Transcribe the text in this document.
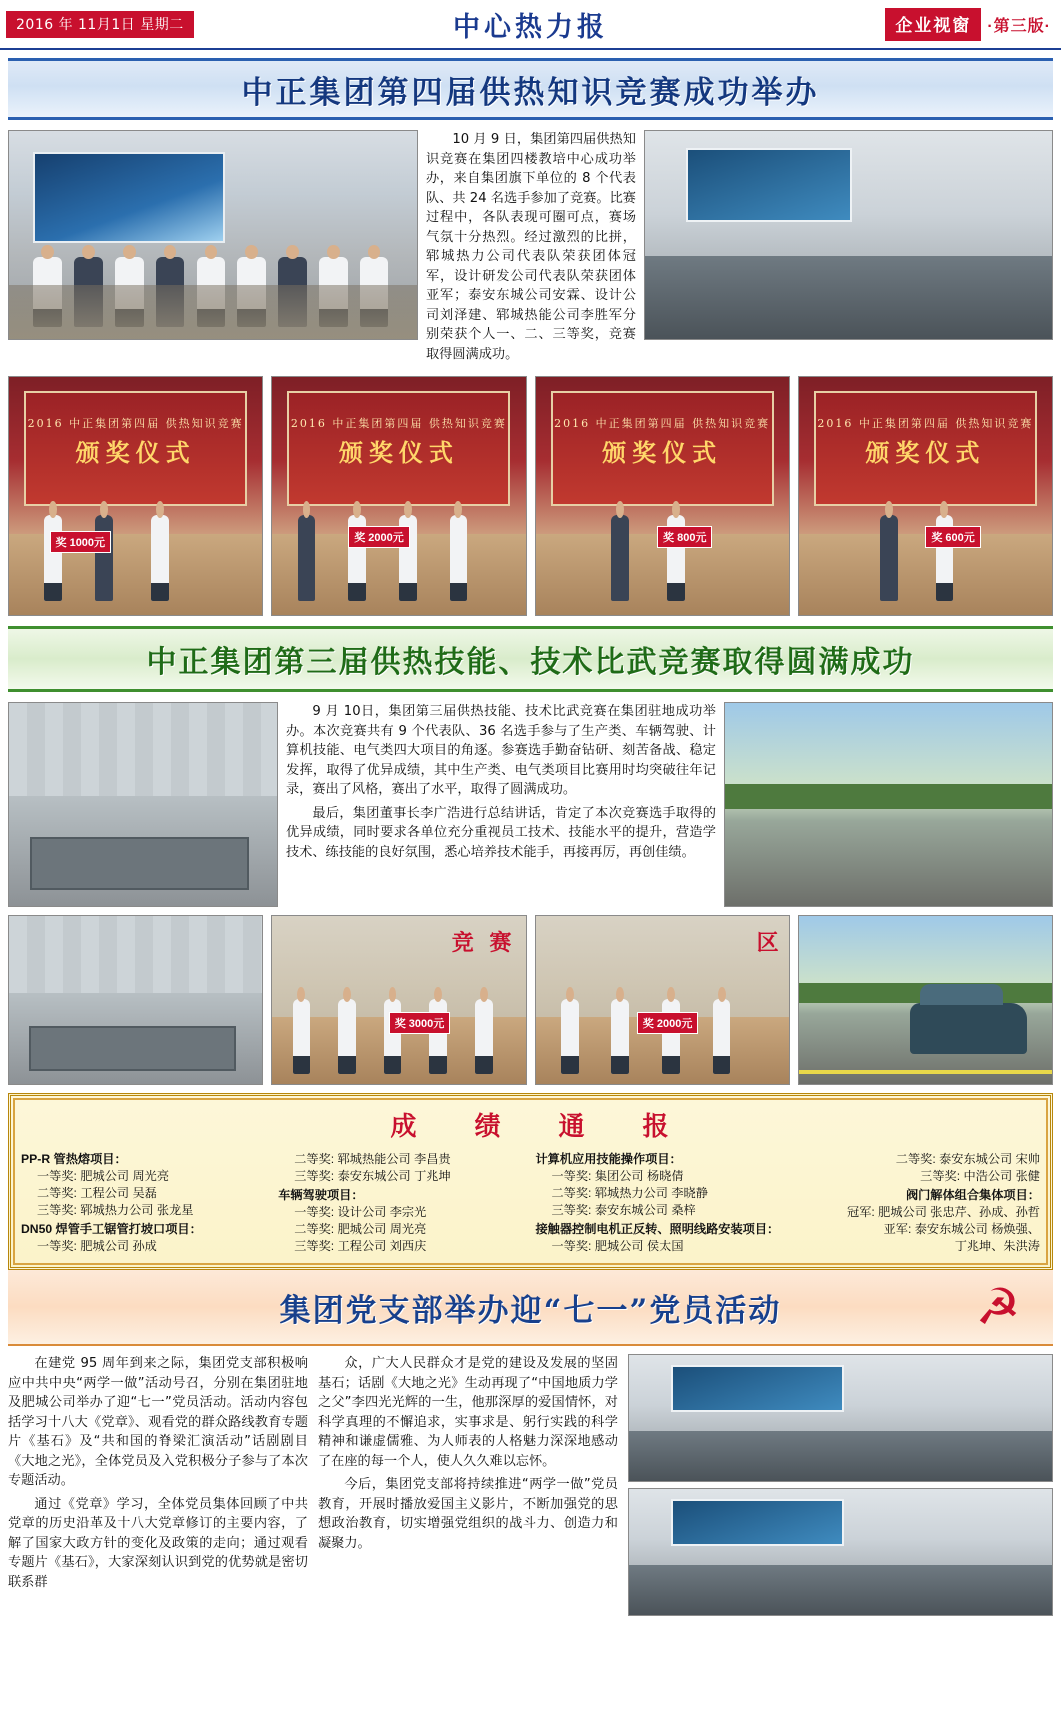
2016 年 11月1日 星期二	中心热力报	企业视窗	·第三版·
中正集团第四届供热知识竞赛成功举办

10 月 9 日，集团第四届供热知识竞赛在集团四楼教培中心成功举办，来自集团旗下单位的 8 个代表队、共 24 名选手参加了竞赛。比赛过程中，各队表现可圈可点，赛场气氛十分热烈。经过激烈的比拼，郓城热力公司代表队荣获团体冠军，设计研发公司代表队荣获团体亚军；泰安东城公司安霖、设计公司刘泽建、郓城热能公司李胜军分别荣获个人一、二、三等奖，竞赛取得圆满成功。

2016 中正集团第四届 供热知识竞赛
颁奖仪式
奖 1000元
2016 中正集团第四届 供热知识竞赛
颁奖仪式
奖 2000元
2016 中正集团第四届 供热知识竞赛
颁奖仪式
奖 800元
2016 中正集团第四届 供热知识竞赛
颁奖仪式
奖 600元
中正集团第三届供热技能、技术比武竞赛取得圆满成功

9 月 10日，集团第三届供热技能、技术比武竞赛在集团驻地成功举办。本次竞赛共有 9 个代表队、36 名选手参与了生产类、车辆驾驶、计算机技能、电气类四大项目的角逐。参赛选手勤奋钻研、刻苦备战、稳定发挥，取得了优异成绩，其中生产类、电气类项目比赛用时均突破往年记录，赛出了风格，赛出了水平，取得了圆满成功。

最后，集团董事长李广浩进行总结讲话，肯定了本次竞赛选手取得的优异成绩，同时要求各单位充分重视员工技术、技能水平的提升，营造学技术、练技能的良好氛围，悉心培养技术能手，再接再厉，再创佳绩。

奖 3000元
竞 赛
奖 2000元
区
成 绩 通 报
PP-R 管热熔项目：
一等奖: 肥城公司 周光亮
二等奖: 工程公司 吴磊
三等奖: 郓城热力公司 张龙星
DN50 焊管手工锯管打坡口项目：
一等奖: 肥城公司 孙成
二等奖: 郓城热能公司 李昌贵
三等奖: 泰安东城公司 丁兆坤
车辆驾驶项目：
一等奖: 设计公司 李宗光
二等奖: 肥城公司 周光亮
三等奖: 工程公司 刘西庆
计算机应用技能操作项目：
一等奖: 集团公司 杨晓倩
二等奖: 郓城热力公司 李晓静
三等奖: 泰安东城公司 桑梓
接触器控制电机正反转、照明线路安装项目：
一等奖: 肥城公司 侯太国
二等奖: 泰安东城公司 宋帅
三等奖: 中浩公司 张健
阀门解体组合集体项目：
冠军: 肥城公司 张忠芹、孙成、孙哲
亚军: 泰安东城公司 杨焕强、
丁兆坤、朱洪涛
集团党支部举办迎“七一”党员活动	☭

在建党 95 周年到来之际，集团党支部积极响应中共中央“两学一做”活动号召，分别在集团驻地及肥城公司举办了迎“七一”党员活动。活动内容包括学习十八大《党章》、观看党的群众路线教育专题片《基石》及“共和国的脊梁汇演活动”话剧剧目《大地之光》，全体党员及入党积极分子参与了本次专题活动。

通过《党章》学习，全体党员集体回顾了中共党章的历史沿革及十八大党章修订的主要内容，了解了国家大政方针的变化及政策的走向；通过观看专题片《基石》，大家深刻认识到党的优势就是密切联系群

众，广大人民群众才是党的建设及发展的坚固基石；话剧《大地之光》生动再现了“中国地质力学之父”李四光光辉的一生，他那深厚的爱国情怀，对科学真理的不懈追求，实事求是、躬行实践的科学精神和谦虚儒雅、为人师表的人格魅力深深地感动了在座的每一个人，使人久久难以忘怀。

今后，集团党支部将持续推进“两学一做”党员教育，开展时播放爱国主义影片，不断加强党的思想政治教育，切实增强党组织的战斗力、创造力和凝聚力。
